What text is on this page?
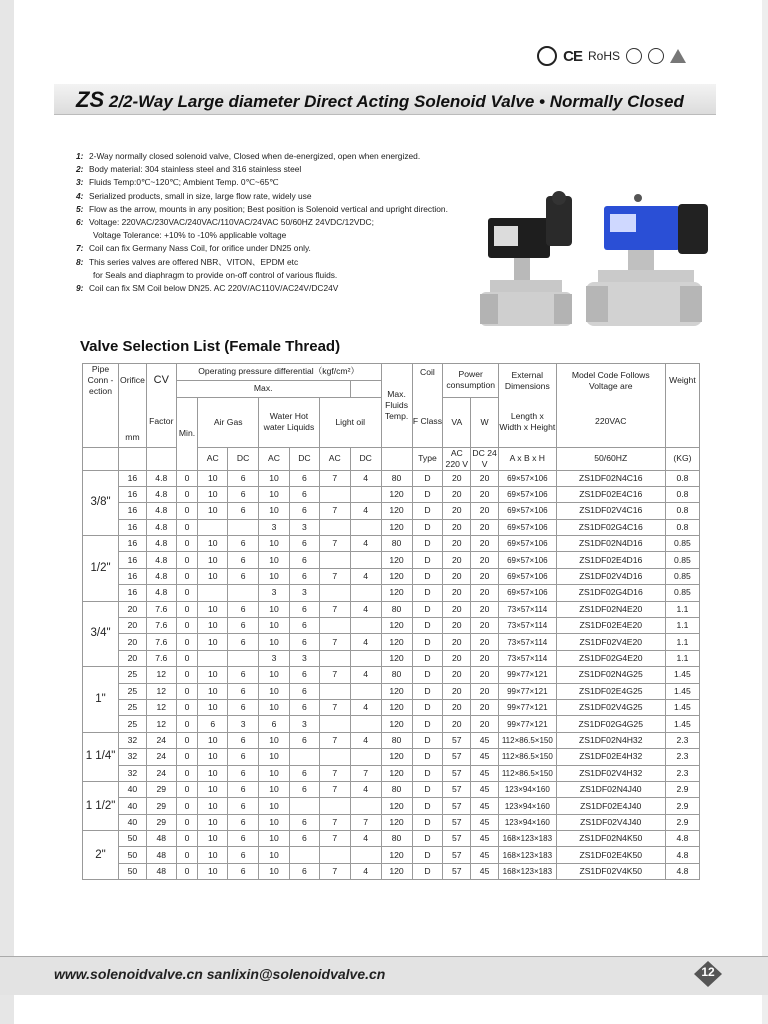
CE RoHS
ZS 2/2-Way Large diameter Direct Acting Solenoid Valve • Normally Closed
1: 2-Way normally closed solenoid valve, Closed when de-energized, open when energized.
2: Body material: 304 stainless steel and 316 stainless steel
3: Fluids Temp:0℃~120℃; Ambient Temp. 0℃~65℃
4: Serialized products, small in size, large flow rate, widely use
5: Flow as the arrow, mounts in any position; Best position is Solenoid vertical and upright direction.
6: Voltage: 220VAC/230VAC/240VAC/110VAC/24VAC 50/60HZ 24VDC/12VDC;
Voltage Tolerance: +10% to -10% applicable voltage
7: Coil can fix Germany Nass Coil, for orifice under DN25 only.
8: This series valves are offered NBR、VITON、EPDM etc
for Seals and diaphragm to provide on-off control of various fluids.
9: Coil can fix SM Coil below DN25. AC 220V/AC110V/AC24V/DC24V
Valve Selection List (Female Thread)
Pipe Conn -ection	Orifice	CV	Operating pressure differential（kgf/cm²）							Max. Fluids Temp.	Coil	Power consumption		External Dimensions	Model Code Follows Voltage are	Weight
			Max.													
	mm	Factor	Min.	Air Gas		Water Hot water Liquids		Light oil			F Class	VA	W	Length x Width x Height	220VAC	
				AC	DC	AC	DC	AC	DC		Type	AC 220 V	DC 24 V	A x B x H	50/60HZ	(KG)
3/8"	16	4.8	0	10	6	10	6	7	4	80	D	20	20	69×57×106	ZS1DF02N4C16	0.8
	16	4.8	0	10	6	10	6			120	D	20	20	69×57×106	ZS1DF02E4C16	0.8
	16	4.8	0	10	6	10	6	7	4	120	D	20	20	69×57×106	ZS1DF02V4C16	0.8
	16	4.8	0			3	3			120	D	20	20	69×57×106	ZS1DF02G4C16	0.8
1/2"	16	4.8	0	10	6	10	6	7	4	80	D	20	20	69×57×106	ZS1DF02N4D16	0.85
	16	4.8	0	10	6	10	6			120	D	20	20	69×57×106	ZS1DF02E4D16	0.85
	16	4.8	0	10	6	10	6	7	4	120	D	20	20	69×57×106	ZS1DF02V4D16	0.85
	16	4.8	0			3	3			120	D	20	20	69×57×106	ZS1DF02G4D16	0.85
3/4"	20	7.6	0	10	6	10	6	7	4	80	D	20	20	73×57×114	ZS1DF02N4E20	1.1
	20	7.6	0	10	6	10	6			120	D	20	20	73×57×114	ZS1DF02E4E20	1.1
	20	7.6	0	10	6	10	6	7	4	120	D	20	20	73×57×114	ZS1DF02V4E20	1.1
	20	7.6	0			3	3			120	D	20	20	73×57×114	ZS1DF02G4E20	1.1
1"	25	12	0	10	6	10	6	7	4	80	D	20	20	99×77×121	ZS1DF02N4G25	1.45
	25	12	0	10	6	10	6			120	D	20	20	99×77×121	ZS1DF02E4G25	1.45
	25	12	0	10	6	10	6	7	4	120	D	20	20	99×77×121	ZS1DF02V4G25	1.45
	25	12	0	6	3	6	3			120	D	20	20	99×77×121	ZS1DF02G4G25	1.45
1 1/4"	32	24	0	10	6	10	6	7	4	80	D	57	45	112×86.5×150	ZS1DF02N4H32	2.3
	32	24	0	10	6	10				120	D	57	45	112×86.5×150	ZS1DF02E4H32	2.3
	32	24	0	10	6	10	6	7	7	120	D	57	45	112×86.5×150	ZS1DF02V4H32	2.3
1 1/2"	40	29	0	10	6	10	6	7	4	80	D	57	45	123×94×160	ZS1DF02N4J40	2.9
	40	29	0	10	6	10				120	D	57	45	123×94×160	ZS1DF02E4J40	2.9
	40	29	0	10	6	10	6	7	7	120	D	57	45	123×94×160	ZS1DF02V4J40	2.9
2"	50	48	0	10	6	10	6	7	4	80	D	57	45	168×123×183	ZS1DF02N4K50	4.8
	50	48	0	10	6	10				120	D	57	45	168×123×183	ZS1DF02E4K50	4.8
	50	48	0	10	6	10	6	7	4	120	D	57	45	168×123×183	ZS1DF02V4K50	4.8
www.solenoidvalve.cn sanlixin@solenoidvalve.cn	12
